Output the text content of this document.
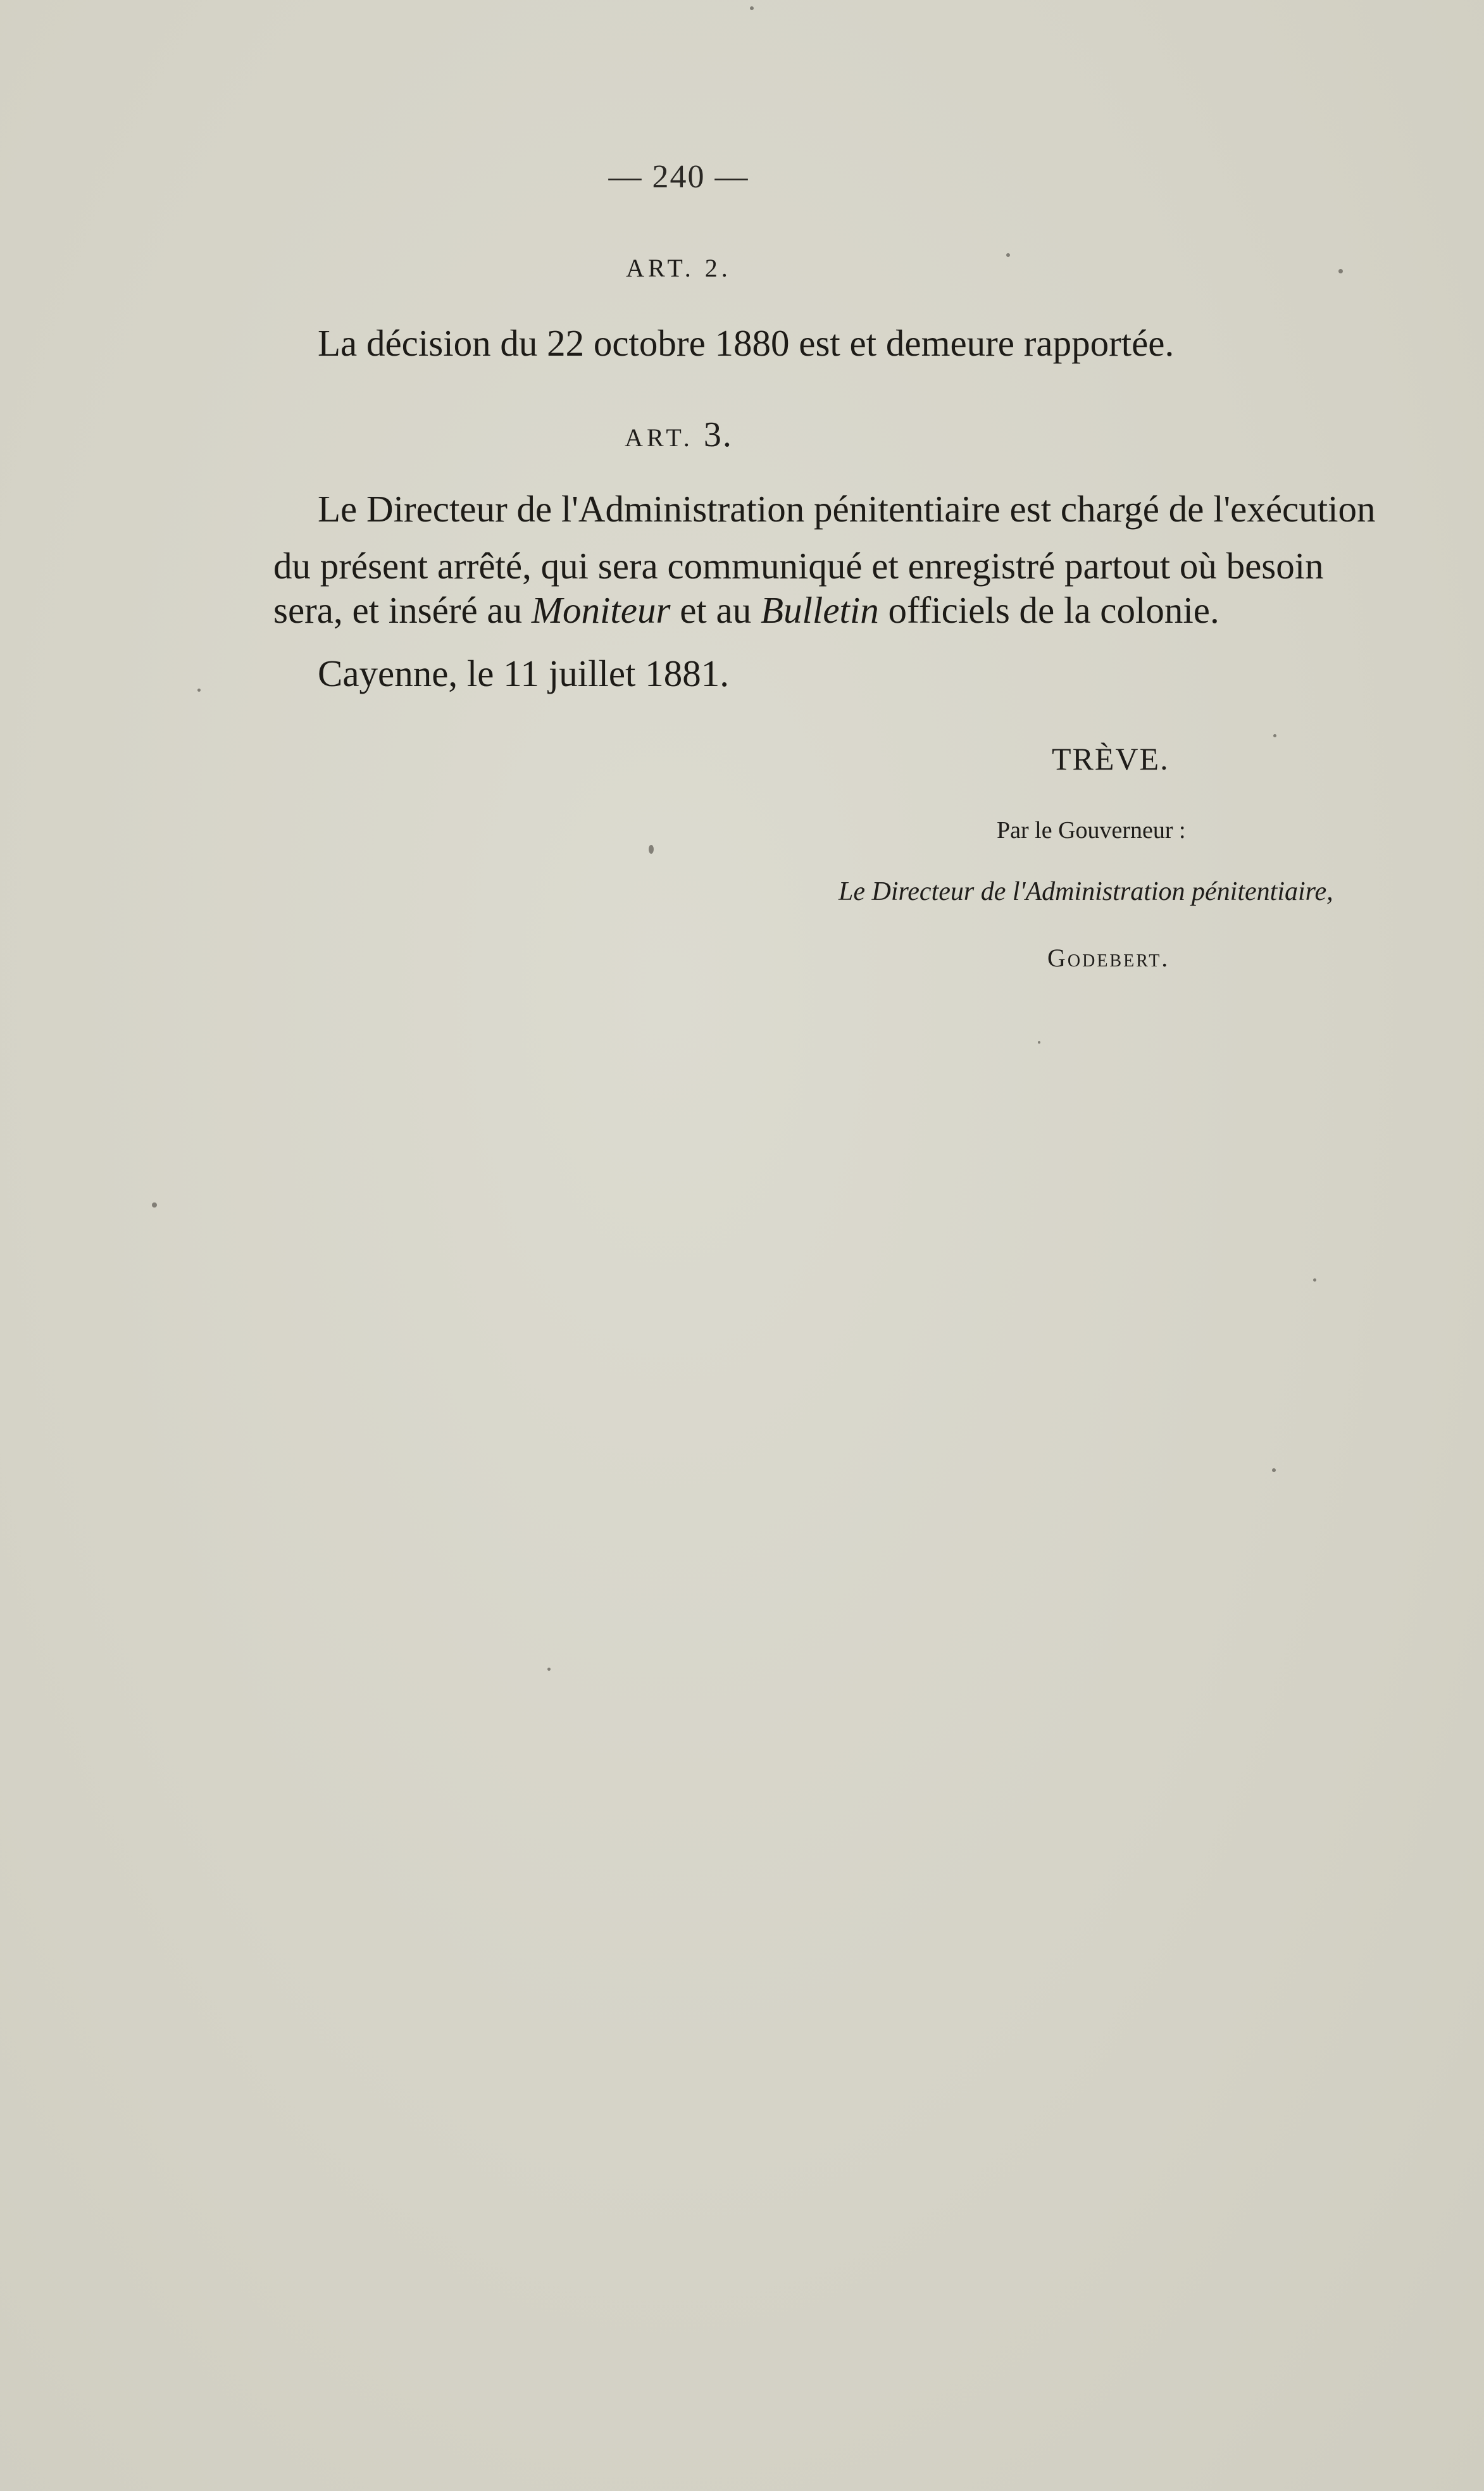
— 240 —
ART. 2.
La décision du 22 octobre 1880 est et demeure rapportée.
ART. 3.
Le Directeur de l'Administration pénitentiaire est chargé de l'exécution
du présent arrêté, qui sera communiqué et enregistré partout où besoin
sera, et inséré au Moniteur et au Bulletin officiels de la colonie.
Cayenne, le 11 juillet 1881.
TRÈVE.
Par le Gouverneur :
Le Directeur de l'Administration pénitentiaire,
Godebert.
